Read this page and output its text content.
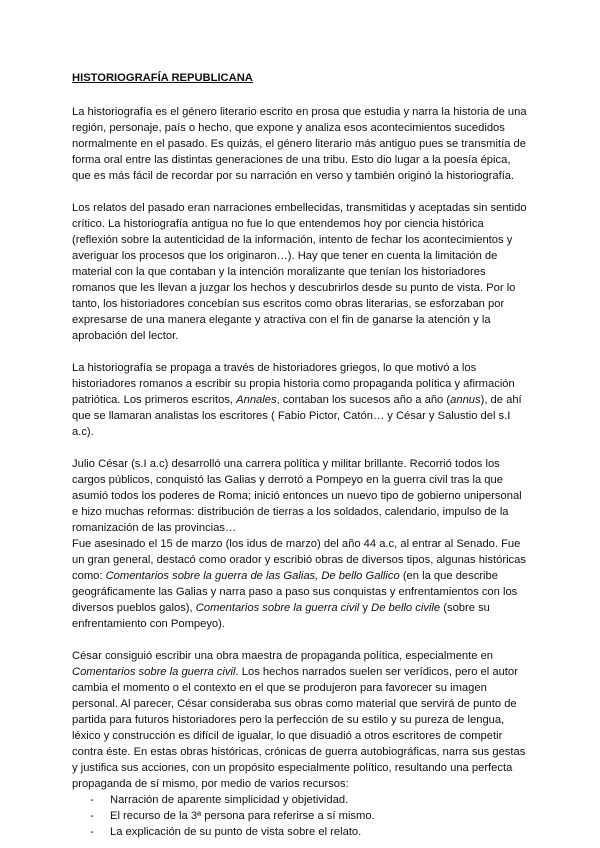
HISTORIOGRAFÍA REPUBLICANA

La historiografía es el género literario escrito en prosa que estudia y narra la historia de una región, personaje, país o hecho, que expone y analiza esos acontecimientos sucedidos normalmente en el pasado. Es quizás, el género literario más antiguo pues se transmitía de forma oral entre las distintas generaciones de una tribu. Esto dio lugar a la poesía épica, que es más fácil de recordar por su narración en verso y también originó la historiografía.

Los relatos del pasado eran narraciones embellecidas, transmitidas y aceptadas sin sentido crítico. La historiografía antigua no fue lo que entendemos hoy por ciencia histórica (reflexión sobre la autenticidad de la información, intento de fechar los acontecimientos y averiguar los procesos que los originaron…). Hay que tener en cuenta la limitación de material con la que contaban y la intención moralizante que tenían los historiadores romanos que les llevan a juzgar los hechos y descubrirlos desde su punto de vista. Por lo tanto, los historiadores concebían sus escritos como obras literarias, se esforzaban por expresarse de una manera elegante y atractiva con el fin de ganarse la atención y la aprobación del lector.

La historiografía se propaga a través de historiadores griegos, lo que motivó a los historiadores romanos a escribir su propia historia como propaganda política y afirmación patriótica. Los primeros escritos, Annales, contaban los sucesos año a año (annus), de ahí que se llamaran analistas los escritores ( Fabio Pictor, Catón… y César y Salustio del s.I a.c).

Julio César (s.I a.c) desarrolló una carrera política y militar brillante. Recorrió todos los cargos públicos, conquistó las Galias y derrotó a Pompeyo en la guerra civil tras la que asumió todos los poderes de Roma; inició entonces un nuevo tipo de gobierno unipersonal e hizo muchas reformas: distribución de tierras a los soldados, calendario, impulso de la romanización de las provincias…

Fue asesinado el 15 de marzo (los idus de marzo) del año 44 a.c, al entrar al Senado. Fue un gran general, destacó como orador y escribió obras de diversos tipos, algunas históricas como: Comentarios sobre la guerra de las Galias, De bello Gallico (en la que describe geográficamente las Galias y narra paso a paso sus conquistas y enfrentamientos con los diversos pueblos galos), Comentarios sobre la guerra civil y De bello civile (sobre su enfrentamiento con Pompeyo).

César consiguió escribir una obra maestra de propaganda política, especialmente en Comentarios sobre la guerra civil. Los hechos narrados suelen ser verídicos, pero el autor cambia el momento o el contexto en el que se produjeron para favorecer su imagen personal. Al parecer, César consideraba sus obras como material que servirá de punto de partida para futuros historiadores pero la perfección de su estilo y su pureza de lengua, léxico y construcción es difícil de igualar, lo que disuadió a otros escritores de competir contra éste. En estas obras históricas, crónicas de guerra autobiográficas, narra sus gestas y justifica sus acciones, con un propósito especialmente político, resultando una perfecta propaganda de sí mismo, por medio de varios recursos:

- Narración de aparente simplicidad y objetividad.
- El recurso de la 3ª persona para referirse a sí mismo.
- La explicación de su punto de vista sobre el relato.
